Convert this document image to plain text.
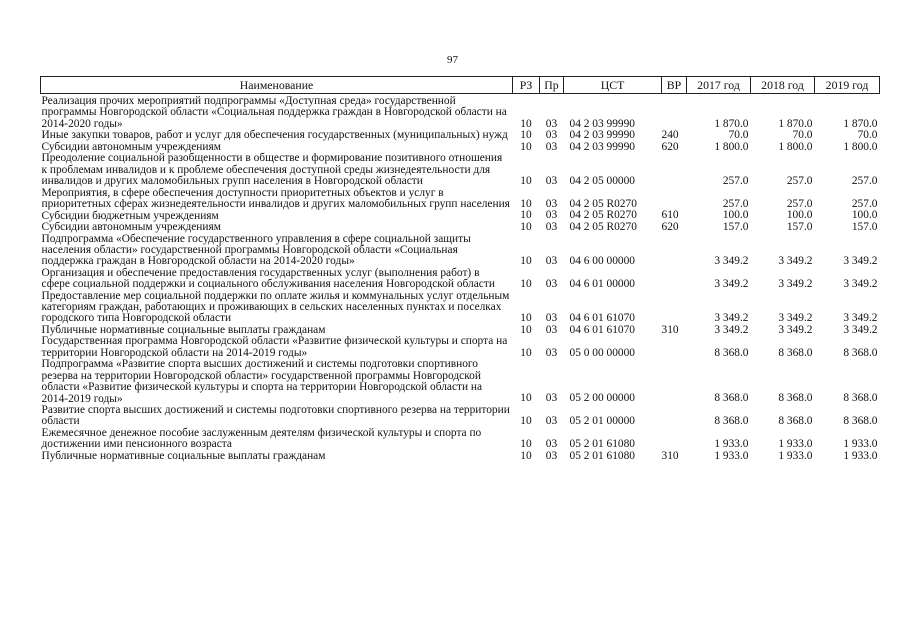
97
Наименование	РЗ	Пр	ЦСТ	ВР	2017 год	2018 год	2019 год
Реализация прочих мероприятий подпрограммы «Доступная среда» государственной программы Новгородской области «Социальная поддержка граждан в Новгородской области на 2014-2020 годы»	10	03	04 2 03 99990		1 870.0	1 870.0	1 870.0
Иные закупки товаров, работ и услуг для обеспечения государственных (муниципальных) нужд	10	03	04 2 03 99990	240	70.0	70.0	70.0
Субсидии автономным учреждениям	10	03	04 2 03 99990	620	1 800.0	1 800.0	1 800.0
Преодоление социальной разобщенности в обществе и формирование позитивного отношения к проблемам инвалидов и к проблеме обеспечения доступной среды жизнедеятельности для инвалидов и других маломобильных групп населения в Новгородской области	10	03	04 2 05 00000		257.0	257.0	257.0
Мероприятия, в сфере обеспечения доступности приоритетных объектов и услуг в приоритетных сферах жизнедеятельности инвалидов и других маломобильных групп населения	10	03	04 2 05 R0270		257.0	257.0	257.0
Субсидии бюджетным учреждениям	10	03	04 2 05 R0270	610	100.0	100.0	100.0
Субсидии автономным учреждениям	10	03	04 2 05 R0270	620	157.0	157.0	157.0
Подпрограмма «Обеспечение государственного управления в сфере социальной защиты населения области» государственной программы Новгородской области «Социальная поддержка граждан в Новгородской области на 2014-2020 годы»	10	03	04 6 00 00000		3 349.2	3 349.2	3 349.2
Организация и обеспечение предоставления государственных услуг (выполнения работ) в сфере социальной поддержки и социального обслуживания населения Новгородской области	10	03	04 6 01 00000		3 349.2	3 349.2	3 349.2
Предоставление мер социальной поддержки по оплате жилья и коммунальных услуг отдельным категориям граждан, работающих и проживающих в сельских населенных пунктах и поселках городского типа Новгородской области	10	03	04 6 01 61070		3 349.2	3 349.2	3 349.2
Публичные нормативные социальные выплаты гражданам	10	03	04 6 01 61070	310	3 349.2	3 349.2	3 349.2
Государственная программа Новгородской области «Развитие физической культуры и спорта на территории Новгородской области на 2014-2019 годы»	10	03	05 0 00 00000		8 368.0	8 368.0	8 368.0
Подпрограмма «Развитие спорта высших достижений и системы подготовки спортивного резерва на территории Новгородской области» государственной программы Новгородской области «Развитие физической культуры и спорта на территории Новгородской области на 2014-2019 годы»	10	03	05 2 00 00000		8 368.0	8 368.0	8 368.0
Развитие спорта высших достижений и системы подготовки спортивного резерва на территории области	10	03	05 2 01 00000		8 368.0	8 368.0	8 368.0
Ежемесячное денежное пособие заслуженным деятелям физической культуры и спорта по достижении ими пенсионного возраста	10	03	05 2 01 61080		1 933.0	1 933.0	1 933.0
Публичные нормативные социальные выплаты гражданам	10	03	05 2 01 61080	310	1 933.0	1 933.0	1 933.0
